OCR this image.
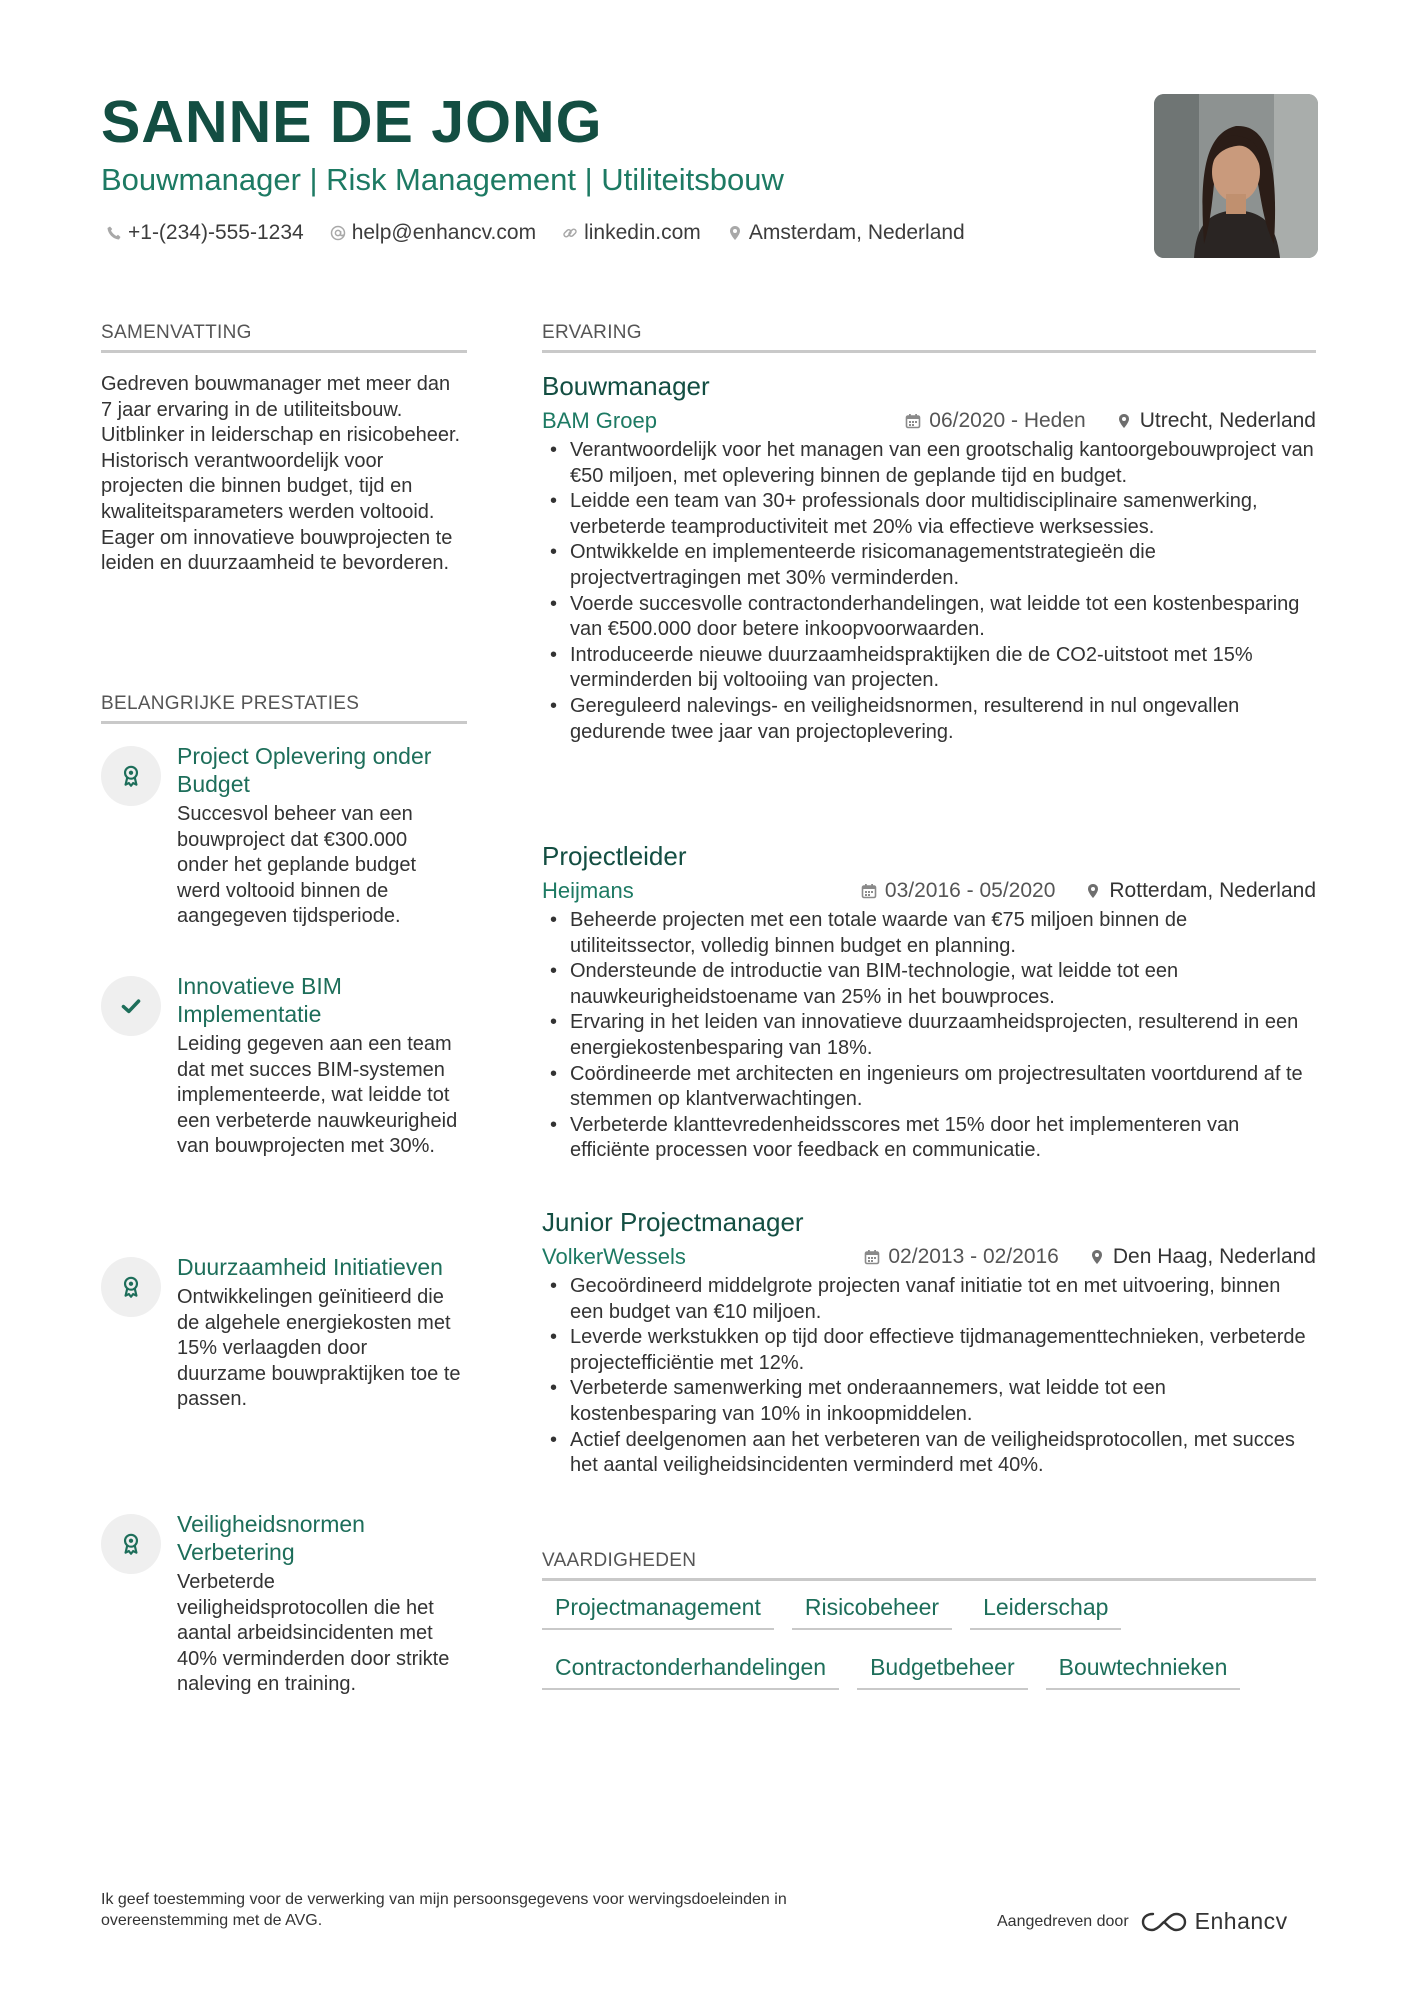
SANNE DE JONG
Bouwmanager | Risk Management | Utiliteitsbouw
+1-(234)-555-1234 help@enhancv.com linkedin.com Amsterdam, Nederland
SAMENVATTING
Gedreven bouwmanager met meer dan 7 jaar ervaring in de utiliteitsbouw. Uitblinker in leiderschap en risicobeheer. Historisch verantwoordelijk voor projecten die binnen budget, tijd en kwaliteitsparameters werden voltooid. Eager om innovatieve bouwprojecten te leiden en duurzaamheid te bevorderen.
BELANGRIJKE PRESTATIES
Project Oplevering onder Budget
Succesvol beheer van een bouwproject dat €300.000 onder het geplande budget werd voltooid binnen de aangegeven tijdsperiode.
Innovatieve BIM Implementatie
Leiding gegeven aan een team dat met succes BIM-systemen implementeerde, wat leidde tot een verbeterde nauwkeurigheid van bouwprojecten met 30%.
Duurzaamheid Initiatieven
Ontwikkelingen geïnitieerd die de algehele energiekosten met 15% verlaagden door duurzame bouwpraktijken toe te passen.
Veiligheidsnormen Verbetering
Verbeterde veiligheidsprotocollen die het aantal arbeidsincidenten met 40% verminderden door strikte naleving en training.
ERVARING
Bouwmanager
BAM Groep	06/2020 - Heden	Utrecht, Nederland
• Verantwoordelijk voor het managen van een grootschalig kantoorgebouwproject van €50 miljoen, met oplevering binnen de geplande tijd en budget.
• Leidde een team van 30+ professionals door multidisciplinaire samenwerking, verbeterde teamproductiviteit met 20% via effectieve werksessies.
• Ontwikkelde en implementeerde risicomanagementstrategieën die projectvertragingen met 30% verminderden.
• Voerde succesvolle contractonderhandelingen, wat leidde tot een kostenbesparing van €500.000 door betere inkoopvoorwaarden.
• Introduceerde nieuwe duurzaamheidspraktijken die de CO2-uitstoot met 15% verminderden bij voltooiing van projecten.
• Gereguleerd nalevings- en veiligheidsnormen, resulterend in nul ongevallen gedurende twee jaar van projectoplevering.
Projectleider
Heijmans	03/2016 - 05/2020	Rotterdam, Nederland
• Beheerde projecten met een totale waarde van €75 miljoen binnen de utiliteitssector, volledig binnen budget en planning.
• Ondersteunde de introductie van BIM-technologie, wat leidde tot een nauwkeurigheidstoename van 25% in het bouwproces.
• Ervaring in het leiden van innovatieve duurzaamheidsprojecten, resulterend in een energiekostenbesparing van 18%.
• Coördineerde met architecten en ingenieurs om projectresultaten voortdurend af te stemmen op klantverwachtingen.
• Verbeterde klanttevredenheidsscores met 15% door het implementeren van efficiënte processen voor feedback en communicatie.
Junior Projectmanager
VolkerWessels	02/2013 - 02/2016	Den Haag, Nederland
• Gecoördineerd middelgrote projecten vanaf initiatie tot en met uitvoering, binnen een budget van €10 miljoen.
• Leverde werkstukken op tijd door effectieve tijdmanagementtechnieken, verbeterde projectefficiëntie met 12%.
• Verbeterde samenwerking met onderaannemers, wat leidde tot een kostenbesparing van 10% in inkoopmiddelen.
• Actief deelgenomen aan het verbeteren van de veiligheidsprotocollen, met succes het aantal veiligheidsincidenten verminderd met 40%.
VAARDIGHEDEN
Projectmanagement	Risicobeheer	Leiderschap
Contractonderhandelingen	Budgetbeheer	Bouwtechnieken
Ik geef toestemming voor de verwerking van mijn persoonsgegevens voor wervingsdoeleinden in overeenstemming met de AVG.	Aangedreven door	Enhancv
